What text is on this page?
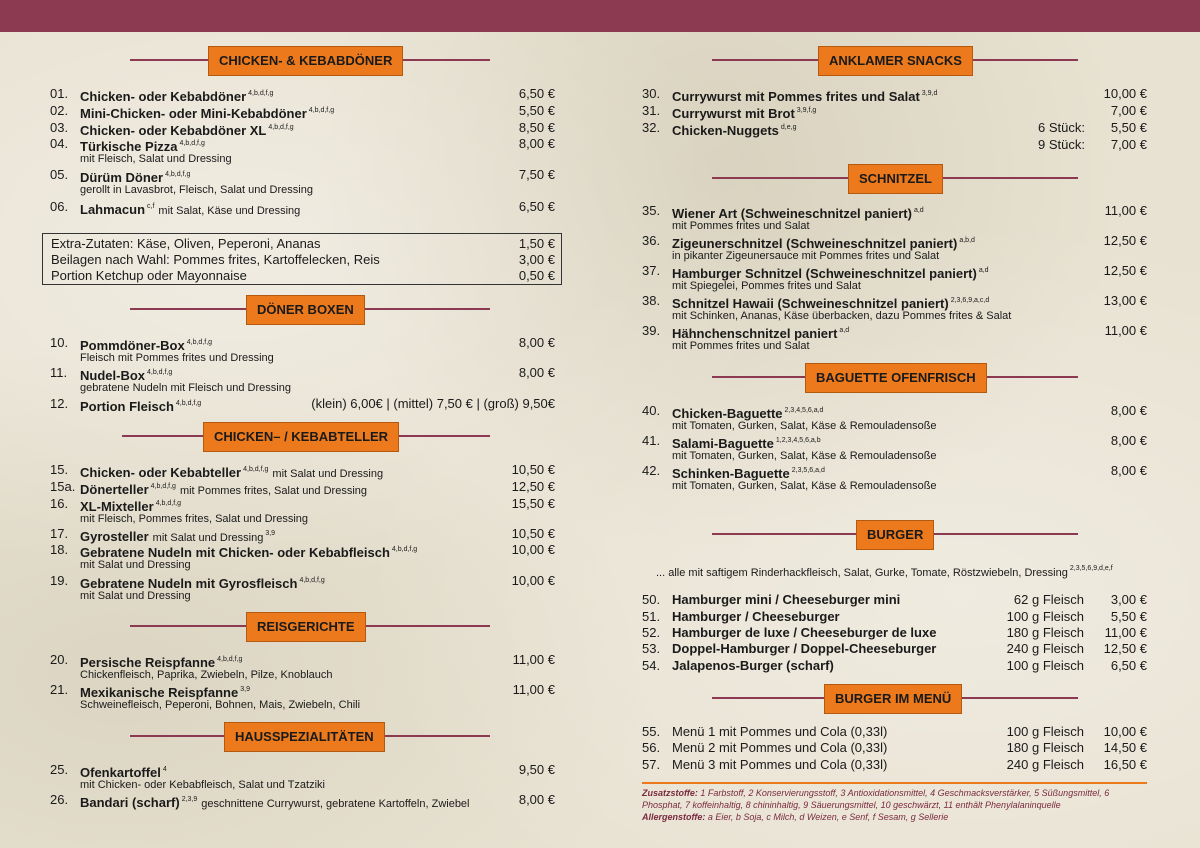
CHICKEN- & KEBABDÖNER
01. Chicken- oder Kebabdöner $^{4,b,d,f,g}$	6,50 €
02. Mini-Chicken- oder Mini-Kebabdöner $^{4,b,d,f,g}$	5,50 €
03. Chicken- oder Kebabdöner XL $^{4,b,d,f,g}$	8,50 €
04. Türkische Pizza $^{4,b,d,f,g}$	8,00 €
mit Fleisch, Salat und Dressing
05. Dürüm Döner $^{4,b,d,f,g}$	7,50 €
gerollt in Lavasbrot, Fleisch, Salat und Dressing
06. Lahmacun $^{c,f}$ mit Salat, Käse und Dressing	6,50 €
Extra-Zutaten: Käse, Oliven, Peperoni, Ananas	1,50 €
Beilagen nach Wahl: Pommes frites, Kartoffelecken, Reis	3,00 €
Portion Ketchup oder Mayonnaise	0,50 €
DÖNER BOXEN
10. Pommdöner-Box $^{4,b,d,f,g}$	8,00 €
Fleisch mit Pommes frites und Dressing
11. Nudel-Box $^{4,b,d,f,g}$	8,00 €
gebratene Nudeln mit Fleisch und Dressing
12. Portion Fleisch $^{4,b,d,f,g}$	(klein) 6,00€ | (mittel) 7,50 € | (groß) 9,50€
CHICKEN– / KEBABTELLER
15. Chicken- oder Kebabteller $^{4,b,d,f,g}$ mit Salat und Dressing	10,50 €
15a. Dönerteller $^{4,b,d,f,g}$ mit Pommes frites, Salat und Dressing	12,50 €
16. XL-Mixteller $^{4,b,d,f,g}$	15,50 €
mit Fleisch, Pommes frites, Salat und Dressing
17. Gyrosteller mit Salat und Dressing $^{3,9}$	10,50 €
18. Gebratene Nudeln mit Chicken- oder Kebabfleisch $^{4,b,d,f,g}$	10,00 €
mit Salat und Dressing
19. Gebratene Nudeln mit Gyrosfleisch $^{4,b,d,f,g}$	10,00 €
mit Salat und Dressing
REISGERICHTE
20. Persische Reispfanne $^{4,b,d,f,g}$	11,00 €
Chickenfleisch, Paprika, Zwiebeln, Pilze, Knoblauch
21. Mexikanische Reispfanne $^{3,9}$	11,00 €
Schweinefleisch, Peperoni, Bohnen, Mais, Zwiebeln, Chili
HAUSSPEZIALITÄTEN
25. Ofenkartoffel $^4$	9,50 €
mit Chicken- oder Kebabfleisch, Salat und Tzatziki
26. Bandari (scharf) $^{2,3,9}$ geschnittene Currywurst, gebratene Kartoffeln, Zwiebel	8,00 €
ANKLAMER SNACKS
30. Currywurst mit Pommes frites und Salat $^{3,9,d}$	10,00 €
31. Currywurst mit Brot $^{3,9,f,g}$	7,00 €
32. Chicken-Nuggets $^{d,e,g}$	6 Stück: 5,50 €
9 Stück: 7,00 €
SCHNITZEL
35. Wiener Art (Schweineschnitzel paniert) $^{a,d}$	11,00 €
mit Pommes frites und Salat
36. Zigeunerschnitzel (Schweineschnitzel paniert) $^{a,b,d}$	12,50 €
in pikanter Zigeunersauce mit Pommes frites und Salat
37. Hamburger Schnitzel (Schweineschnitzel paniert) $^{a,d}$	12,50 €
mit Spiegelei, Pommes frites und Salat
38. Schnitzel Hawaii (Schweineschnitzel paniert) $^{2,3,6,9,a,c,d}$	13,00 €
mit Schinken, Ananas, Käse überbacken, dazu Pommes frites & Salat
39. Hähnchenschnitzel paniert $^{a,d}$	11,00 €
mit Pommes frites und Salat
BAGUETTE OFENFRISCH
40. Chicken-Baguette $^{2,3,4,5,6,a,d}$	8,00 €
mit Tomaten, Gurken, Salat, Käse & Remouladensoße
41. Salami-Baguette $^{1,2,3,4,5,6,a,b}$	8,00 €
mit Tomaten, Gurken, Salat, Käse & Remouladensoße
42. Schinken-Baguette $^{2,3,5,6,a,d}$	8,00 €
mit Tomaten, Gurken, Salat, Käse & Remouladensoße
BURGER
... alle mit saftigem Rinderhackfleisch, Salat, Gurke, Tomate, Röstzwiebeln, Dressing $^{2,3,5,6,9,d,e,f}$
50. Hamburger mini / Cheeseburger mini	62 g Fleisch 3,00 €
51. Hamburger / Cheeseburger	100 g Fleisch 5,50 €
52. Hamburger de luxe / Cheeseburger de luxe	180 g Fleisch 11,00 €
53. Doppel-Hamburger / Doppel-Cheeseburger	240 g Fleisch 12,50 €
54. Jalapenos-Burger (scharf)	100 g Fleisch 6,50 €
BURGER IM MENÜ
55. Menü 1 mit Pommes und Cola (0,33l)	100 g Fleisch 10,00 €
56. Menü 2 mit Pommes und Cola (0,33l)	180 g Fleisch 14,50 €
57. Menü 3 mit Pommes und Cola (0,33l)	240 g Fleisch 16,50 €
Zusatzstoffe: 1 Farbstoff, 2 Konservierungsstoff, 3 Antioxidationsmittel, 4 Geschmacksverstärker, 5 Süßungsmittel, 6 Phosphat, 7 koffeinhaltig, 8 chininhaltig, 9 Säuerungsmittel, 10 geschwärzt, 11 enthält Phenylalaninquelle
Allergenstoffe: a Eier, b Soja, c Milch, d Weizen, e Senf, f Sesam, g Sellerie
